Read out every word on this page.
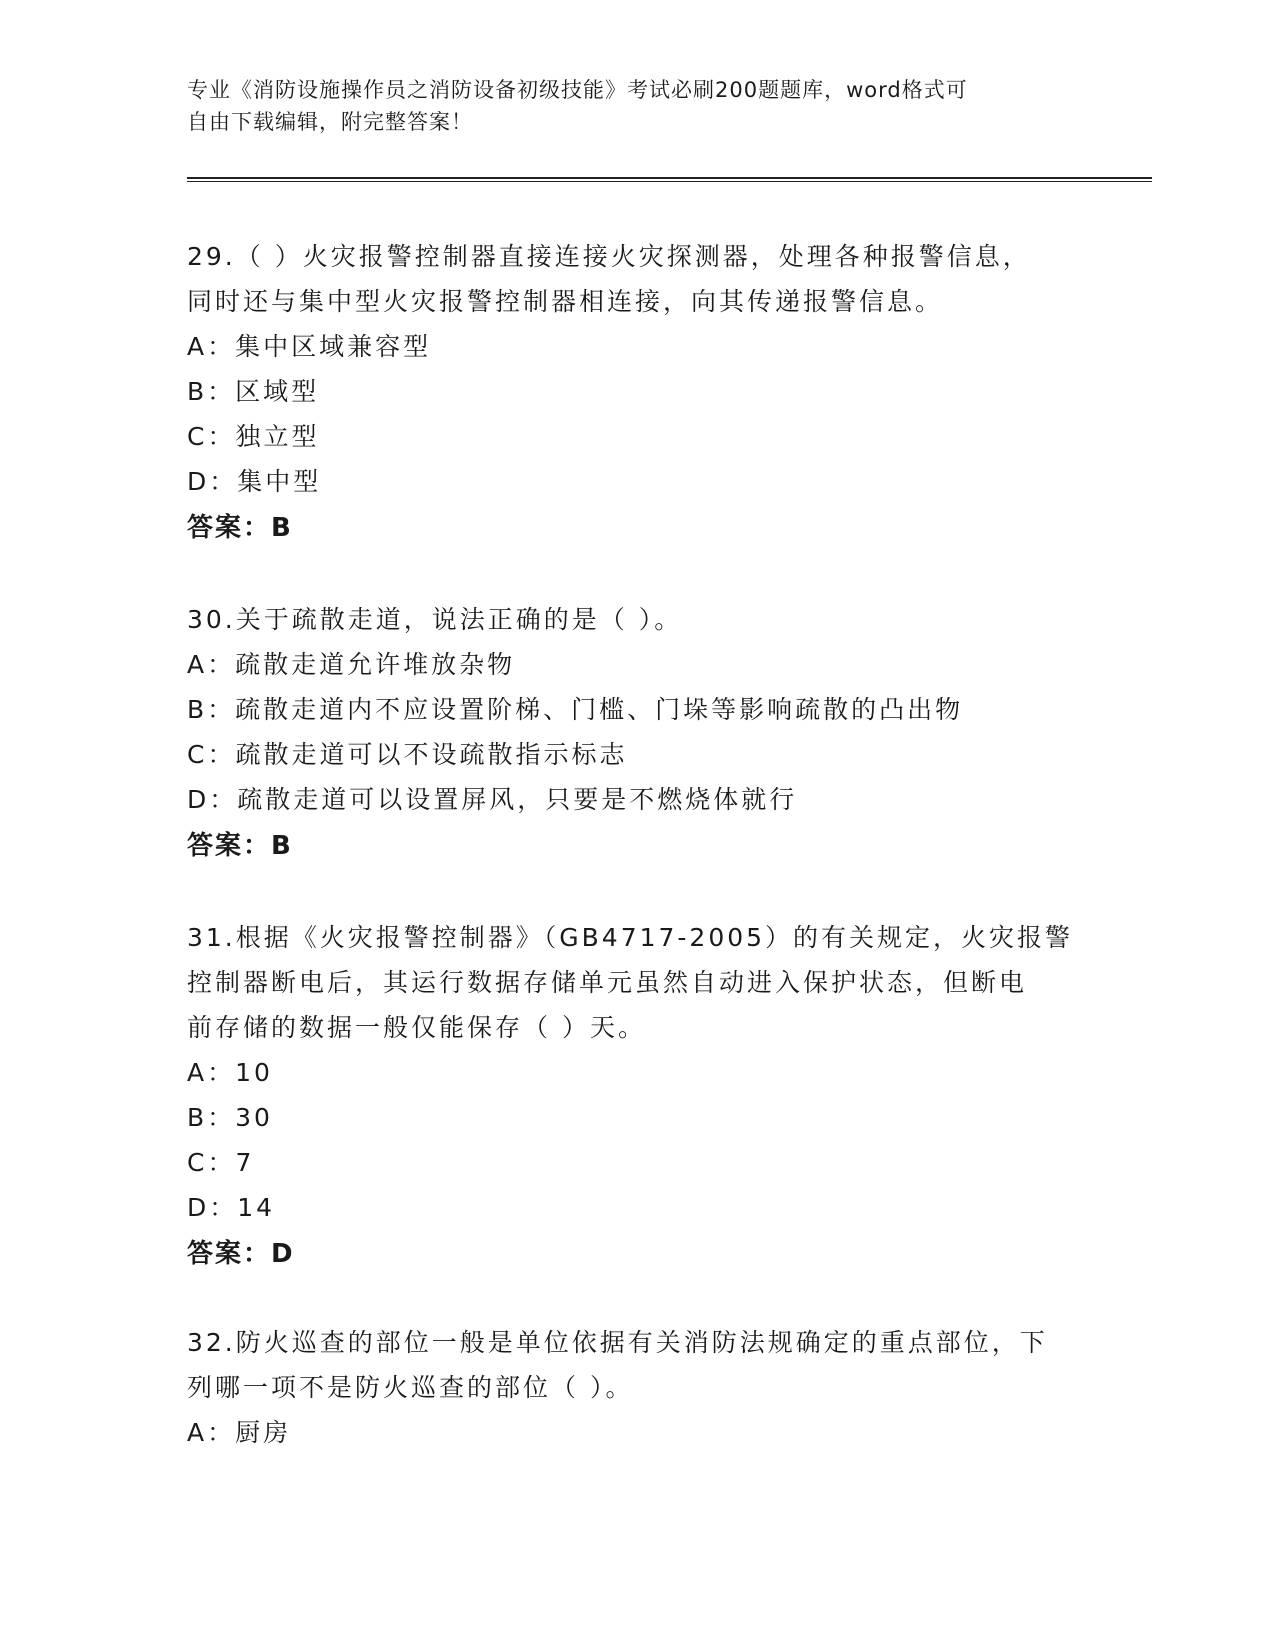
专业《消防设施操作员之消防设备初级技能》考试必刷200题题库，word格式可
自由下载编辑，附完整答案！
29.（ ）火灾报警控制器直接连接火灾探测器，处理各种报警信息，
同时还与集中型火灾报警控制器相连接，向其传递报警信息。
A：集中区域兼容型
B：区域型
C：独立型
D：集中型
答案：B
30.关于疏散走道，说法正确的是（ ）。
A：疏散走道允许堆放杂物
B：疏散走道内不应设置阶梯、门槛、门垛等影响疏散的凸出物
C：疏散走道可以不设疏散指示标志
D：疏散走道可以设置屏风，只要是不燃烧体就行
答案：B
31.根据《火灾报警控制器》（GB4717-2005）的有关规定，火灾报警
控制器断电后，其运行数据存储单元虽然自动进入保护状态，但断电
前存储的数据一般仅能保存（ ）天。
A：10
B：30
C：7
D：14
答案：D
32.防火巡查的部位一般是单位依据有关消防法规确定的重点部位，下
列哪一项不是防火巡查的部位（ ）。
A：厨房
